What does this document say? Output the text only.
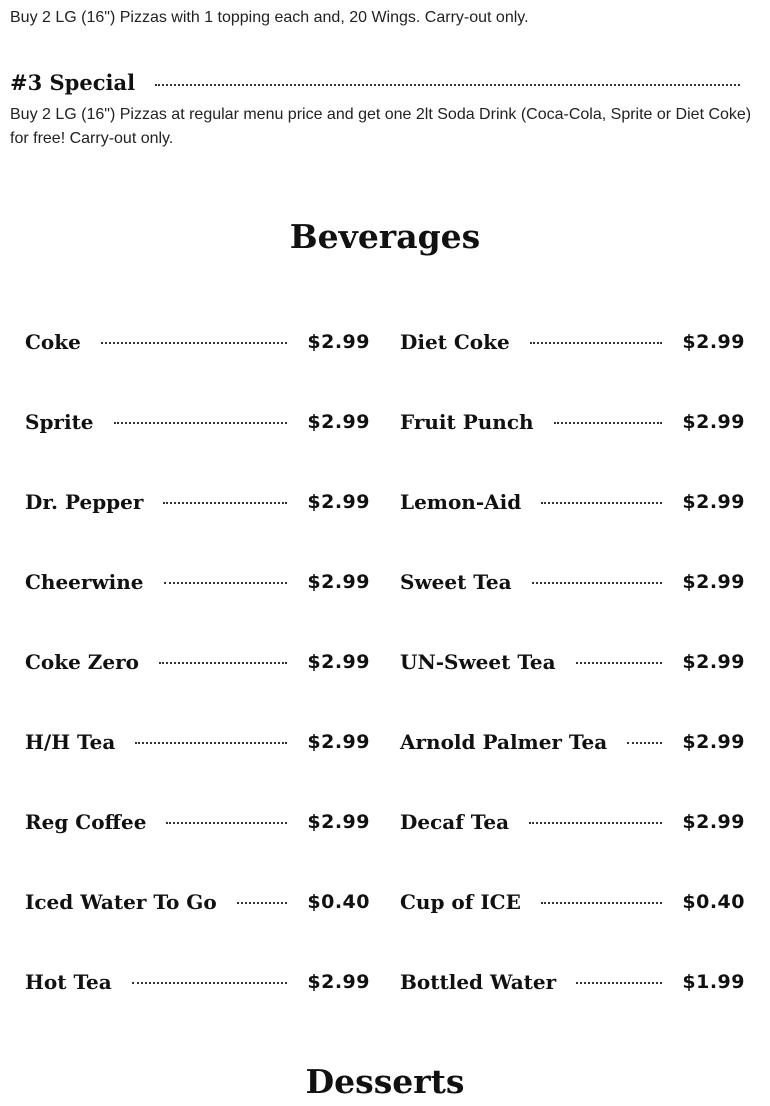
Buy 2 LG (16") Pizzas with 1 topping each and, 20 Wings. Carry-out only.

#3 Special

Buy 2 LG (16") Pizzas at regular menu price and get one 2lt Soda Drink (Coca-Cola, Sprite or Diet Coke) for free! Carry-out only.

Beverages
Coke	$2.99 Diet Coke	$2.99
Sprite	$2.99 Fruit Punch	$2.99
Dr. Pepper	$2.99 Lemon-Aid	$2.99
Cheerwine	$2.99 Sweet Tea	$2.99
Coke Zero	$2.99 UN-Sweet Tea	$2.99
H/H Tea	$2.99 Arnold Palmer Tea	$2.99
Reg Coffee	$2.99 Decaf Tea	$2.99
Iced Water To Go	$0.40 Cup of ICE	$0.40
Hot Tea	$2.99 Bottled Water	$1.99
Desserts
